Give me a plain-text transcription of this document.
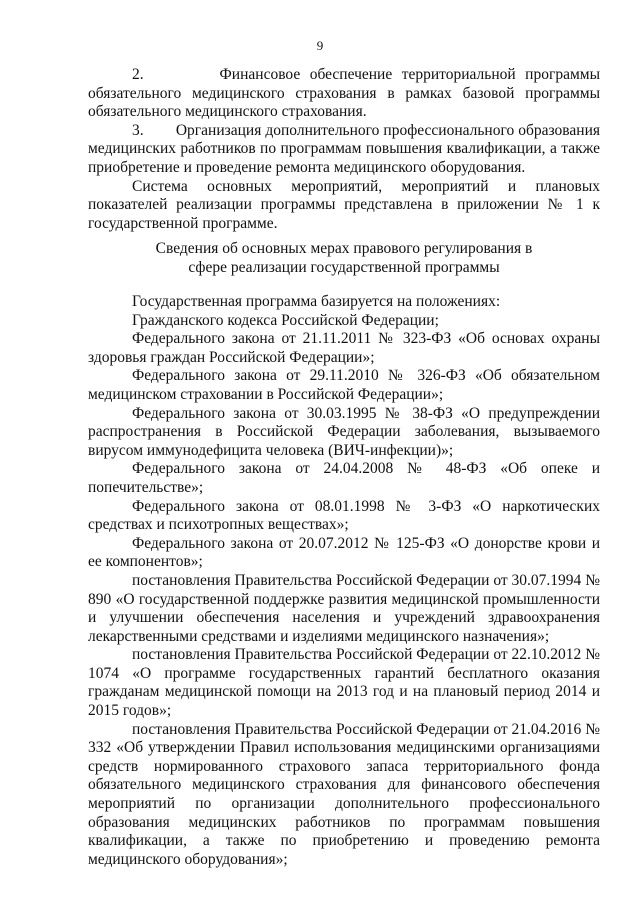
9

2.        Финансовое обеспечение территориальной программы обязательного медицинского страхования в рамках базовой программы обязательного медицинского страхования.

3.        Организация дополнительного профессионального образования медицинских работников по программам повышения квалификации, а также приобретение и проведение ремонта медицинского оборудования.

Система основных мероприятий, мероприятий и плановых показателей реализации программы представлена в приложении № 1 к государственной программе.

Сведения об основных мерах правового регулирования в сфере реализации государственной программы

Государственная программа базируется на положениях:

Гражданского кодекса Российской Федерации;

Федерального закона от 21.11.2011 № 323-ФЗ «Об основах охраны здоровья граждан Российской Федерации»;

Федерального закона от 29.11.2010 № 326-ФЗ «Об обязательном медицинском страховании в Российской Федерации»;

Федерального закона от 30.03.1995 № 38-ФЗ «О предупреждении распространения в Российской Федерации заболевания, вызываемого вирусом иммунодефицита человека (ВИЧ-инфекции)»;

Федерального закона от 24.04.2008 № 48-ФЗ «Об опеке и попечительстве»;

Федерального закона от 08.01.1998 № 3-ФЗ «О наркотических средствах и психотропных веществах»;

Федерального закона от 20.07.2012 № 125-ФЗ «О донорстве крови и ее компонентов»;

постановления Правительства Российской Федерации от 30.07.1994 № 890 «О государственной поддержке развития медицинской промышленности и улучшении обеспечения населения и учреждений здравоохранения лекарственными средствами и изделиями медицинского назначения»;

постановления Правительства Российской Федерации от 22.10.2012 № 1074 «О программе государственных гарантий бесплатного оказания гражданам медицинской помощи на 2013 год и на плановый период 2014 и 2015 годов»;

постановления Правительства Российской Федерации от 21.04.2016 № 332 «Об утверждении Правил использования медицинскими организациями средств нормированного страхового запаса территориального фонда обязательного медицинского страхования для финансового обеспечения мероприятий по организации дополнительного профессионального образования медицинских работников по программам повышения квалификации, а также по приобретению и проведению ремонта медицинского оборудования»;
